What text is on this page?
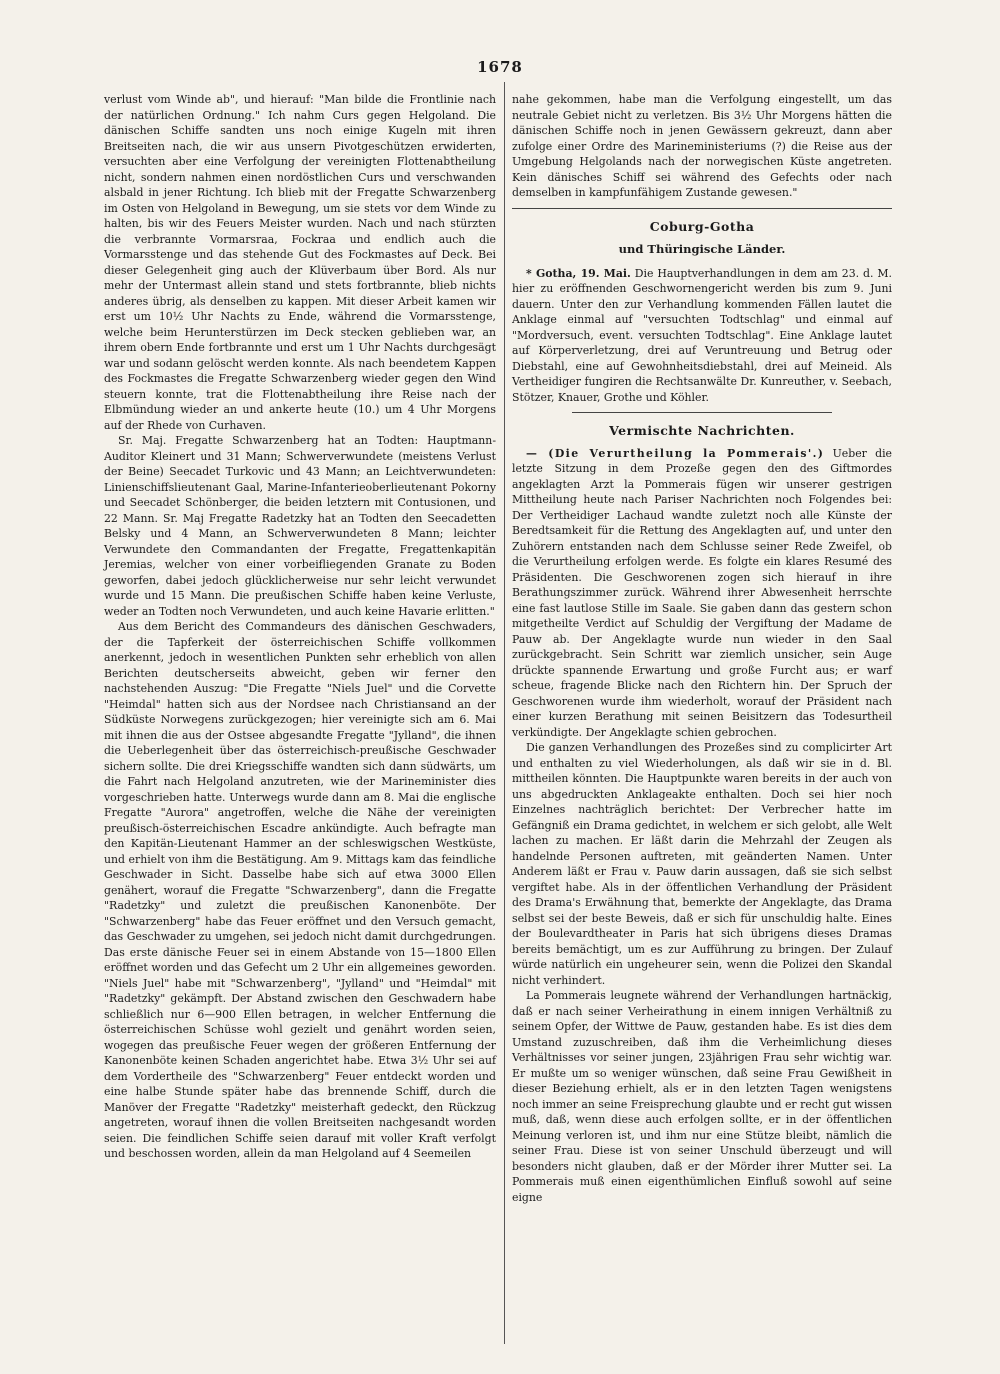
1678

verlust vom Winde ab", und hierauf: "Man bilde die Frontlinie nach der natürlichen Ordnung." Ich nahm Curs gegen Helgoland. Die dänischen Schiffe sandten uns noch einige Kugeln mit ihren Breitseiten nach, die wir aus unsern Pivotgeschützen erwiderten, versuchten aber eine Verfolgung der vereinigten Flottenabtheilung nicht, sondern nahmen einen nordöstlichen Curs und verschwanden alsbald in jener Richtung. Ich blieb mit der Fregatte Schwarzenberg im Osten von Helgoland in Bewegung, um sie stets vor dem Winde zu halten, bis wir des Feuers Meister wurden. Nach und nach stürzten die verbrannte Vormarsraa, Fockraa und endlich auch die Vormarsstenge und das stehende Gut des Fockmastes auf Deck. Bei dieser Gelegenheit ging auch der Klüverbaum über Bord. Als nur mehr der Untermast allein stand und stets fortbrannte, blieb nichts anderes übrig, als denselben zu kappen. Mit dieser Arbeit kamen wir erst um 10½ Uhr Nachts zu Ende, während die Vormarsstenge, welche beim Herunterstürzen im Deck stecken geblieben war, an ihrem obern Ende fortbrannte und erst um 1 Uhr Nachts durchgesägt war und sodann gelöscht werden konnte. Als nach beendetem Kappen des Fockmastes die Fregatte Schwarzenberg wieder gegen den Wind steuern konnte, trat die Flottenabtheilung ihre Reise nach der Elbmündung wieder an und ankerte heute (10.) um 4 Uhr Morgens auf der Rhede von Curhaven.

Sr. Maj. Fregatte Schwarzenberg hat an Todten: Hauptmann-Auditor Kleinert und 31 Mann; Schwerverwundete (meistens Verlust der Beine) Seecadet Turkovic und 43 Mann; an Leichtverwundeten: Linienschiffslieutenant Gaal, Marine-Infanterieoberlieutenant Pokorny und Seecadet Schönberger, die beiden letztern mit Contusionen, und 22 Mann. Sr. Maj Fregatte Radetzky hat an Todten den Seecadetten Belsky und 4 Mann, an Schwerverwundeten 8 Mann; leichter Verwundete den Commandanten der Fregatte, Fregattenkapitän Jeremias, welcher von einer vorbeifliegenden Granate zu Boden geworfen, dabei jedoch glücklicherweise nur sehr leicht verwundet wurde und 15 Mann. Die preußischen Schiffe haben keine Verluste, weder an Todten noch Verwundeten, und auch keine Havarie erlitten."

Aus dem Bericht des Commandeurs des dänischen Geschwaders, der die Tapferkeit der österreichischen Schiffe vollkommen anerkennt, jedoch in wesentlichen Punkten sehr erheblich von allen Berichten deutscherseits abweicht, geben wir ferner den nachstehenden Auszug: "Die Fregatte "Niels Juel" und die Corvette "Heimdal" hatten sich aus der Nordsee nach Christiansand an der Südküste Norwegens zurückgezogen; hier vereinigte sich am 6. Mai mit ihnen die aus der Ostsee abgesandte Fregatte "Jylland", die ihnen die Ueberlegenheit über das österreichisch-preußische Geschwader sichern sollte. Die drei Kriegsschiffe wandten sich dann südwärts, um die Fahrt nach Helgoland anzutreten, wie der Marineminister dies vorgeschrieben hatte. Unterwegs wurde dann am 8. Mai die englische Fregatte "Aurora" angetroffen, welche die Nähe der vereinigten preußisch-österreichischen Escadre ankündigte. Auch befragte man den Kapitän-Lieutenant Hammer an der schleswigschen Westküste, und erhielt von ihm die Bestätigung. Am 9. Mittags kam das feindliche Geschwader in Sicht. Dasselbe habe sich auf etwa 3000 Ellen genähert, worauf die Fregatte "Schwarzenberg", dann die Fregatte "Radetzky" und zuletzt die preußischen Kanonenböte. Der "Schwarzenberg" habe das Feuer eröffnet und den Versuch gemacht, das Geschwader zu umgehen, sei jedoch nicht damit durchgedrungen. Das erste dänische Feuer sei in einem Abstande von 15—1800 Ellen eröffnet worden und das Gefecht um 2 Uhr ein allgemeines geworden. "Niels Juel" habe mit "Schwarzenberg", "Jylland" und "Heimdal" mit "Radetzky" gekämpft. Der Abstand zwischen den Geschwadern habe schließlich nur 6—900 Ellen betragen, in welcher Entfernung die österreichischen Schüsse wohl gezielt und genährt worden seien, wogegen das preußische Feuer wegen der größeren Entfernung der Kanonenböte keinen Schaden angerichtet habe. Etwa 3½ Uhr sei auf dem Vordertheile des "Schwarzenberg" Feuer entdeckt worden und eine halbe Stunde später habe das brennende Schiff, durch die Manöver der Fregatte "Radetzky" meisterhaft gedeckt, den Rückzug angetreten, worauf ihnen die vollen Breitseiten nachgesandt worden seien. Die feindlichen Schiffe seien darauf mit voller Kraft verfolgt und beschossen worden, allein da man Helgoland auf 4 Seemeilen

nahe gekommen, habe man die Verfolgung eingestellt, um das neutrale Gebiet nicht zu verletzen. Bis 3½ Uhr Morgens hätten die dänischen Schiffe noch in jenen Gewässern gekreuzt, dann aber zufolge einer Ordre des Marineministeriums (?) die Reise aus der Umgebung Helgolands nach der norwegischen Küste angetreten. Kein dänisches Schiff sei während des Gefechts oder nach demselben in kampfunfähigem Zustande gewesen."

Coburg-Gotha
und Thüringische Länder.

* Gotha, 19. Mai. Die Hauptverhandlungen in dem am 23. d. M. hier zu eröffnenden Geschwornengericht werden bis zum 9. Juni dauern. Unter den zur Verhandlung kommenden Fällen lautet die Anklage einmal auf "versuchten Todtschlag" und einmal auf "Mordversuch, event. versuchten Todtschlag". Eine Anklage lautet auf Körperverletzung, drei auf Veruntreuung und Betrug oder Diebstahl, eine auf Gewohnheitsdiebstahl, drei auf Meineid. Als Vertheidiger fungiren die Rechtsanwälte Dr. Kunreuther, v. Seebach, Stötzer, Knauer, Grothe und Köhler.

Vermischte Nachrichten.

— (Die Verurtheilung la Pommerais'.) Ueber die letzte Sitzung in dem Prozeße gegen den des Giftmordes angeklagten Arzt la Pommerais fügen wir unserer gestrigen Mittheilung heute nach Pariser Nachrichten noch Folgendes bei: Der Vertheidiger Lachaud wandte zuletzt noch alle Künste der Beredtsamkeit für die Rettung des Angeklagten auf, und unter den Zuhörern entstanden nach dem Schlusse seiner Rede Zweifel, ob die Verurtheilung erfolgen werde. Es folgte ein klares Resumé des Präsidenten. Die Geschworenen zogen sich hierauf in ihre Berathungszimmer zurück. Während ihrer Abwesenheit herrschte eine fast lautlose Stille im Saale. Sie gaben dann das gestern schon mitgetheilte Verdict auf Schuldig der Vergiftung der Madame de Pauw ab. Der Angeklagte wurde nun wieder in den Saal zurückgebracht. Sein Schritt war ziemlich unsicher, sein Auge drückte spannende Erwartung und große Furcht aus; er warf scheue, fragende Blicke nach den Richtern hin. Der Spruch der Geschworenen wurde ihm wiederholt, worauf der Präsident nach einer kurzen Berathung mit seinen Beisitzern das Todesurtheil verkündigte. Der Angeklagte schien gebrochen.

Die ganzen Verhandlungen des Prozeßes sind zu complicirter Art und enthalten zu viel Wiederholungen, als daß wir sie in d. Bl. mittheilen könnten. Die Hauptpunkte waren bereits in der auch von uns abgedruckten Anklageakte enthalten. Doch sei hier noch Einzelnes nachträglich berichtet: Der Verbrecher hatte im Gefängniß ein Drama gedichtet, in welchem er sich gelobt, alle Welt lachen zu machen. Er läßt darin die Mehrzahl der Zeugen als handelnde Personen auftreten, mit geänderten Namen. Unter Anderem läßt er Frau v. Pauw darin aussagen, daß sie sich selbst vergiftet habe. Als in der öffentlichen Verhandlung der Präsident des Drama's Erwähnung that, bemerkte der Angeklagte, das Drama selbst sei der beste Beweis, daß er sich für unschuldig halte. Eines der Boulevardtheater in Paris hat sich übrigens dieses Dramas bereits bemächtigt, um es zur Aufführung zu bringen. Der Zulauf würde natürlich ein ungeheurer sein, wenn die Polizei den Skandal nicht verhindert.

La Pommerais leugnete während der Verhandlungen hartnäckig, daß er nach seiner Verheirathung in einem innigen Verhältniß zu seinem Opfer, der Wittwe de Pauw, gestanden habe. Es ist dies dem Umstand zuzuschreiben, daß ihm die Verheimlichung dieses Verhältnisses vor seiner jungen, 23jährigen Frau sehr wichtig war. Er mußte um so weniger wünschen, daß seine Frau Gewißheit in dieser Beziehung erhielt, als er in den letzten Tagen wenigstens noch immer an seine Freisprechung glaubte und er recht gut wissen muß, daß, wenn diese auch erfolgen sollte, er in der öffentlichen Meinung verloren ist, und ihm nur eine Stütze bleibt, nämlich die seiner Frau. Diese ist von seiner Unschuld überzeugt und will besonders nicht glauben, daß er der Mörder ihrer Mutter sei. La Pommerais muß einen eigenthümlichen Einfluß sowohl auf seine eigne
